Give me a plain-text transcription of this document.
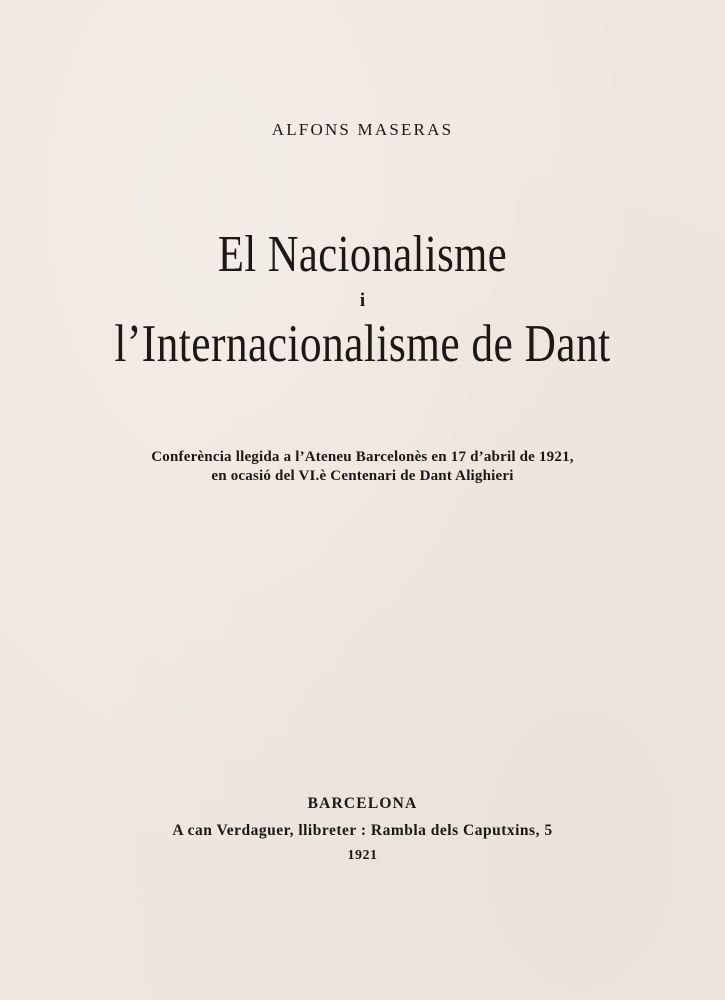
ALFONS MASERAS
El Nacionalisme
i
l’Internacionalisme de Dant
Conferència llegida a l’Ateneu Barcelonès en 17 d’abril de 1921,
en ocasió del VI.è Centenari de Dant Alighieri
BARCELONA
A can Verdaguer, llibreter : Rambla dels Caputxins, 5
1921
